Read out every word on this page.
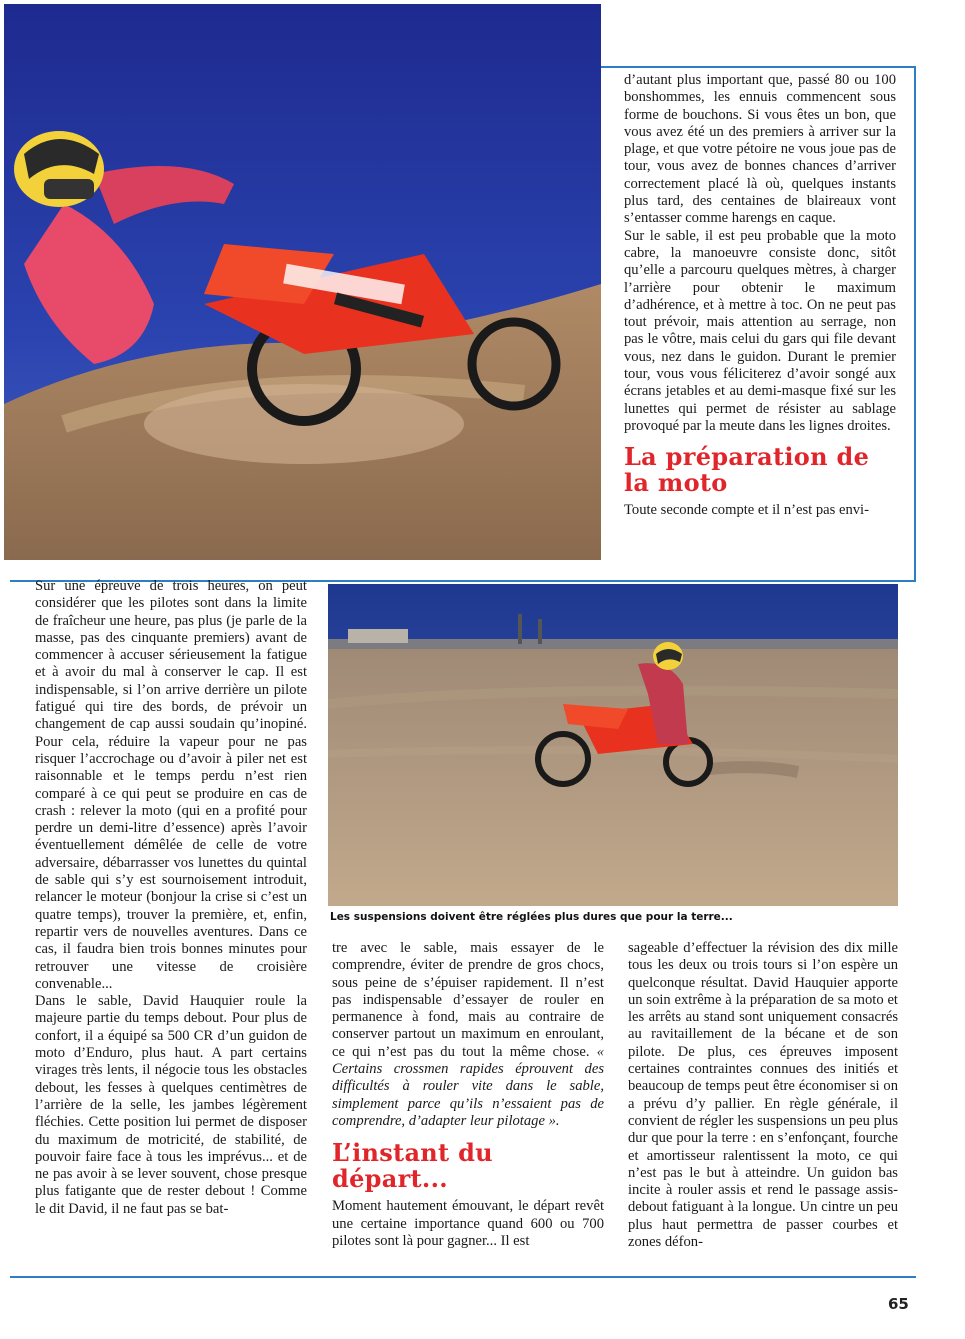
d’autant plus important que, passé 80 ou 100 bonshommes, les ennuis commencent sous forme de bouchons. Si vous êtes un bon, que vous avez été un des premiers à arriver sur la plage, et que votre pétoire ne vous joue pas de tour, vous avez de bonnes chances d’arriver correctement placé là où, quelques instants plus tard, des centaines de blaireaux vont s’entasser comme harengs en caque.

Sur le sable, il est peu probable que la moto cabre, la manoeuvre consiste donc, sitôt qu’elle a parcouru quelques mètres, à charger l’arrière pour obtenir le maximum d’adhérence, et à mettre à toc. On ne peut pas tout prévoir, mais attention au serrage, non pas le vôtre, mais celui du gars qui file devant vous, nez dans le guidon. Durant le premier tour, vous vous féliciterez d’avoir songé aux écrans jetables et au demi-masque fixé sur les lunettes qui permet de résister au sablage provoqué par la meute dans les lignes droites.

La préparation de la moto

Toute seconde compte et il n’est pas envi-

Sur une épreuve de trois heures, on peut considérer que les pilotes sont dans la limite de fraîcheur une heure, pas plus (je parle de la masse, pas des cinquante premiers) avant de commencer à accuser sérieusement la fatigue et à avoir du mal à conserver le cap. Il est indispensable, si l’on arrive derrière un pilote fatigué qui tire des bords, de prévoir un changement de cap aussi soudain qu’inopiné. Pour cela, réduire la vapeur pour ne pas risquer l’accrochage ou d’avoir à piler net est raisonnable et le temps perdu n’est rien comparé à ce qui peut se produire en cas de crash : relever la moto (qui en a profité pour perdre un demi-litre d’essence) après l’avoir éventuellement démêlée de celle de votre adversaire, débarrasser vos lunettes du quintal de sable qui s’y est sournoisement introduit, relancer le moteur (bonjour la crise si c’est un quatre temps), trouver la première, et, enfin, repartir vers de nouvelles aventures. Dans ce cas, il faudra bien trois bonnes minutes pour retrouver une vitesse de croisière convenable...

Dans le sable, David Hauquier roule la majeure partie du temps debout. Pour plus de confort, il a équipé sa 500 CR d’un guidon de moto d’Enduro, plus haut. A part certains virages très lents, il négocie tous les obstacles debout, les fesses à quelques centimètres de l’arrière de la selle, les jambes légèrement fléchies. Cette position lui permet de disposer du maximum de motricité, de stabilité, de pouvoir faire face à tous les imprévus... et de ne pas avoir à se lever souvent, chose presque plus fatigante que de rester debout ! Comme le dit David, il ne faut pas se bat-

Les suspensions doivent être réglées plus dures que pour la terre...

tre avec le sable, mais essayer de le comprendre, éviter de prendre de gros chocs, sous peine de s’épuiser rapidement. Il n’est pas indispensable d’essayer de rouler en permanence à fond, mais au contraire de conserver partout un maximum en enroulant, ce qui n’est pas du tout la même chose. « Certains crossmen rapides éprouvent des difficultés à rouler vite dans le sable, simplement parce qu’ils n’essaient pas de comprendre, d’adapter leur pilotage ».

L’instant du départ...

Moment hautement émouvant, le départ revêt une certaine importance quand 600 ou 700 pilotes sont là pour gagner... Il est

sageable d’effectuer la révision des dix mille tous les deux ou trois tours si l’on espère un quelconque résultat. David Hauquier apporte un soin extrême à la préparation de sa moto et les arrêts au stand sont uniquement consacrés au ravitaillement de la bécane et de son pilote. De plus, ces épreuves imposent certaines contraintes connues des initiés et beaucoup de temps peut être économiser si on a prévu d’y pallier. En règle générale, il convient de régler les suspensions un peu plus dur que pour la terre : en s’enfonçant, fourche et amortisseur ralentissent la moto, ce qui n’est pas le but à atteindre. Un guidon bas incite à rouler assis et rend le passage assis-debout fatiguant à la longue. Un cintre un peu plus haut permettra de passer courbes et zones défon-

65
